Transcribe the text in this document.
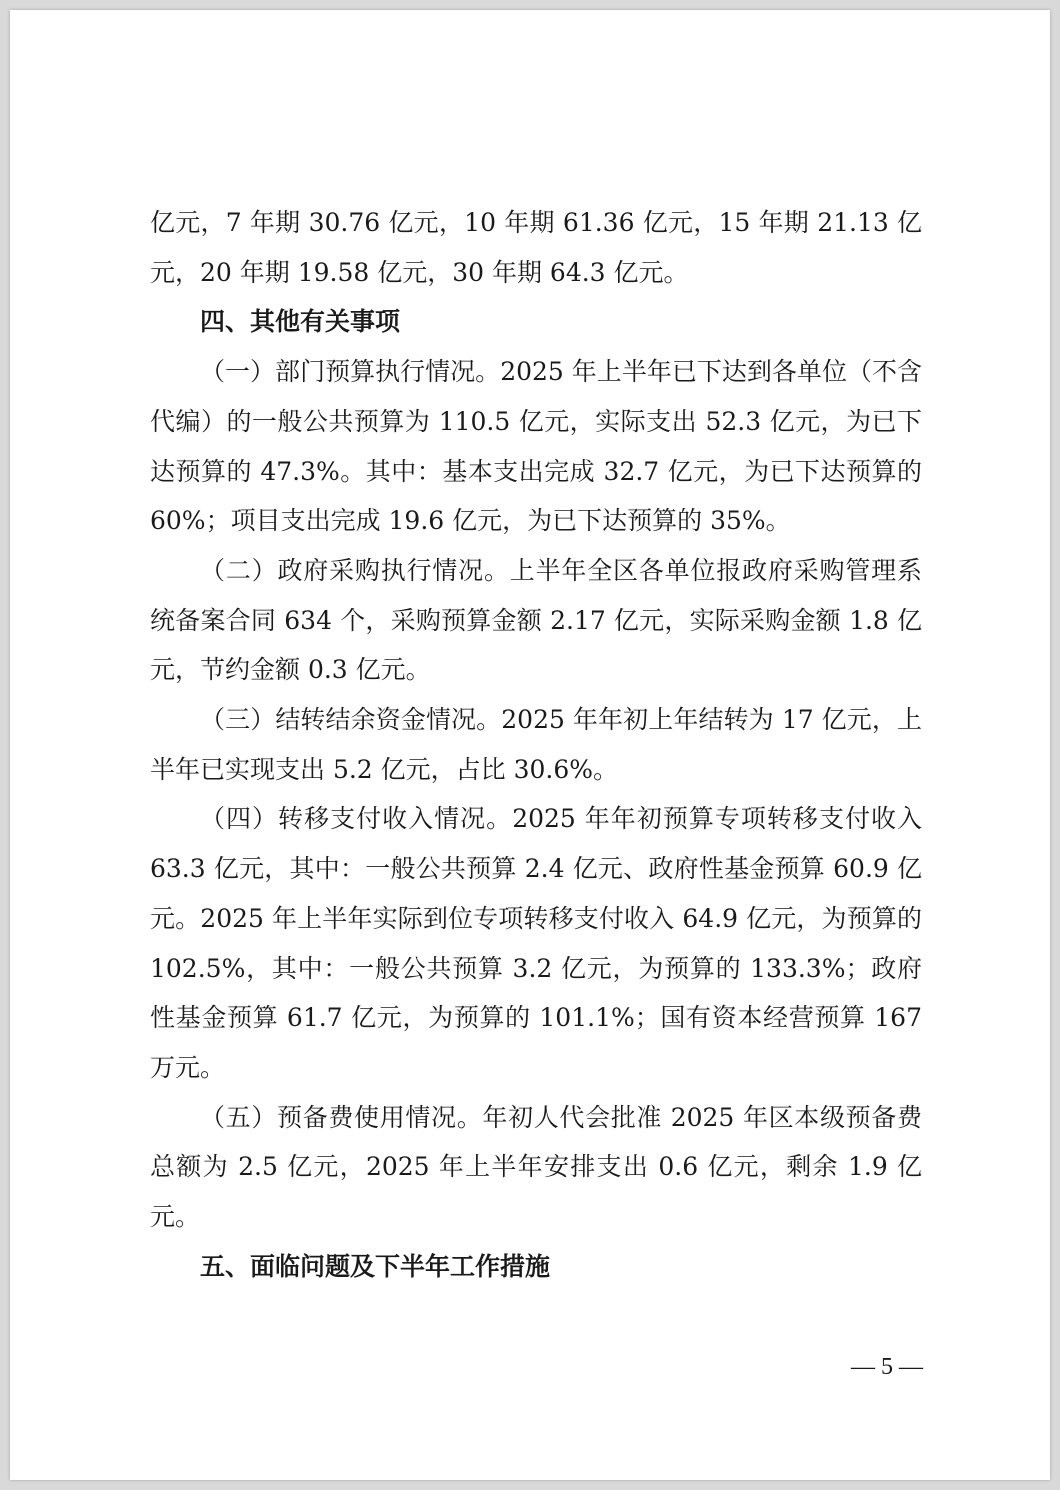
亿元，7 年期 30.76 亿元，10 年期 61.36 亿元，15 年期 21.13 亿元，20 年期 19.58 亿元，30 年期 64.3 亿元。

四、其他有关事项

（一）部门预算执行情况。2025 年上半年已下达到各单位（不含代编）的一般公共预算为 110.5 亿元，实际支出 52.3 亿元，为已下达预算的 47.3%。其中：基本支出完成 32.7 亿元，为已下达预算的 60%；项目支出完成 19.6 亿元，为已下达预算的 35%。

（二）政府采购执行情况。上半年全区各单位报政府采购管理系统备案合同 634 个，采购预算金额 2.17 亿元，实际采购金额 1.8 亿元，节约金额 0.3 亿元。

（三）结转结余资金情况。2025 年年初上年结转为 17 亿元，上半年已实现支出 5.2 亿元，占比 30.6%。

（四）转移支付收入情况。2025 年年初预算专项转移支付收入 63.3 亿元，其中：一般公共预算 2.4 亿元、政府性基金预算 60.9 亿元。2025 年上半年实际到位专项转移支付收入 64.9 亿元，为预算的 102.5%，其中：一般公共预算 3.2 亿元，为预算的 133.3%；政府性基金预算 61.7 亿元，为预算的 101.1%；国有资本经营预算 167 万元。

（五）预备费使用情况。年初人代会批准 2025 年区本级预备费总额为 2.5 亿元，2025 年上半年安排支出 0.6 亿元，剩余 1.9 亿元。

五、面临问题及下半年工作措施

— 5 —
